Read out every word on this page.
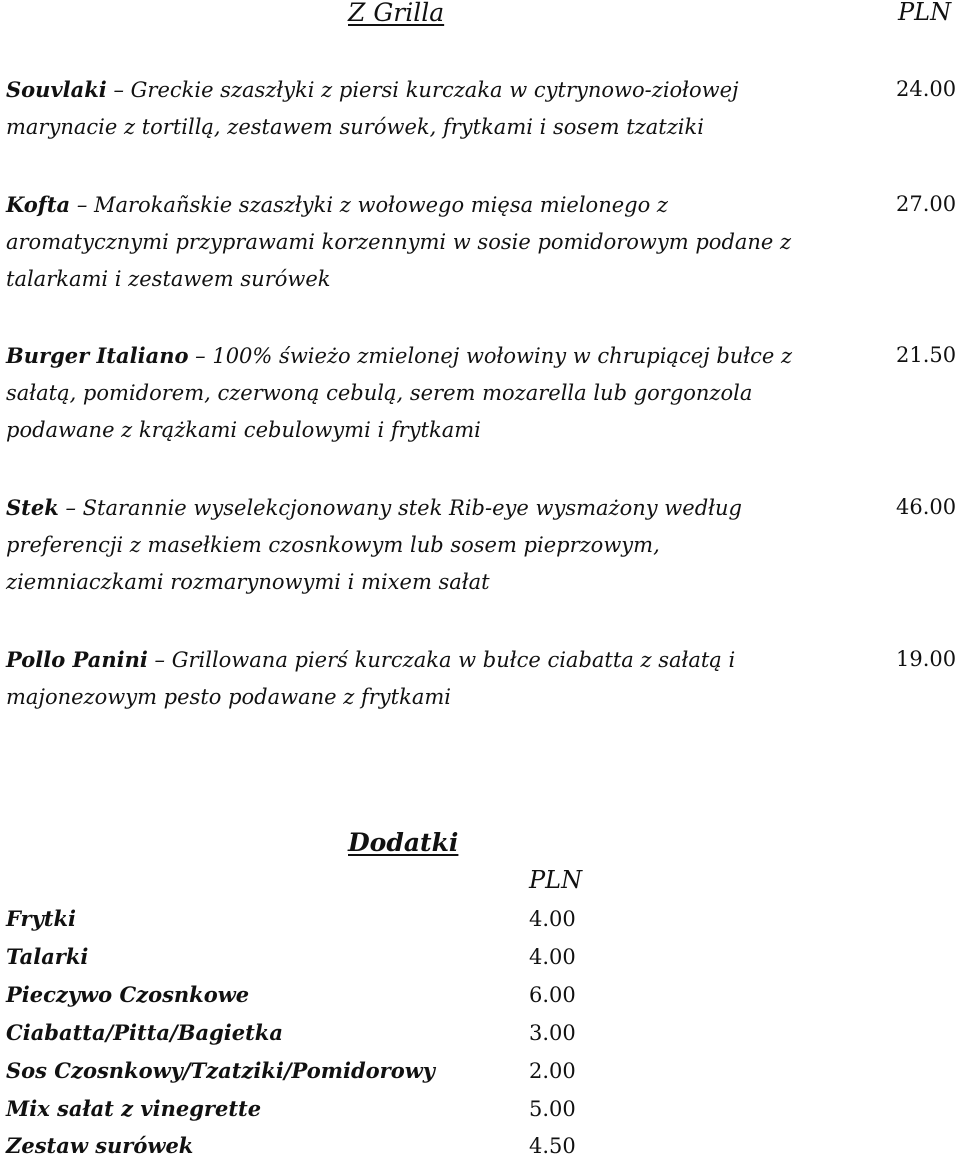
Z Grilla	PLN
Souvlaki – Greckie szaszłyki z piersi kurczaka w cytrynowo-ziołowej marynacie z tortillą, zestawem surówek, frytkami i sosem tzatziki
24.00
Kofta – Marokañskie szaszłyki z wołowego mięsa mielonego z aromatycznymi przyprawami korzennymi w sosie pomidorowym podane z talarkami i zestawem surówek
27.00
Burger Italiano – 100% świeżo zmielonej wołowiny w chrupiącej bułce z sałatą, pomidorem, czerwoną cebulą, serem mozarella lub gorgonzola podawane z krążkami cebulowymi i frytkami
21.50
Stek – Starannie wyselekcjonowany stek Rib-eye wysmażony według preferencji z masełkiem czosnkowym lub sosem pieprzowym, ziemniaczkami rozmarynowymi i mixem sałat
46.00
Pollo Panini – Grillowana pierś kurczaka w bułce ciabatta z sałatą i majonezowym pesto podawane z frytkami
19.00
Dodatki
PLN
Frytki	4.00
Talarki	4.00
Pieczywo Czosnkowe	6.00
Ciabatta/Pitta/Bagietka	3.00
Sos Czosnkowy/Tzatziki/Pomidorowy	2.00
Mix sałat z vinegrette	5.00
Zestaw surówek	4.50
